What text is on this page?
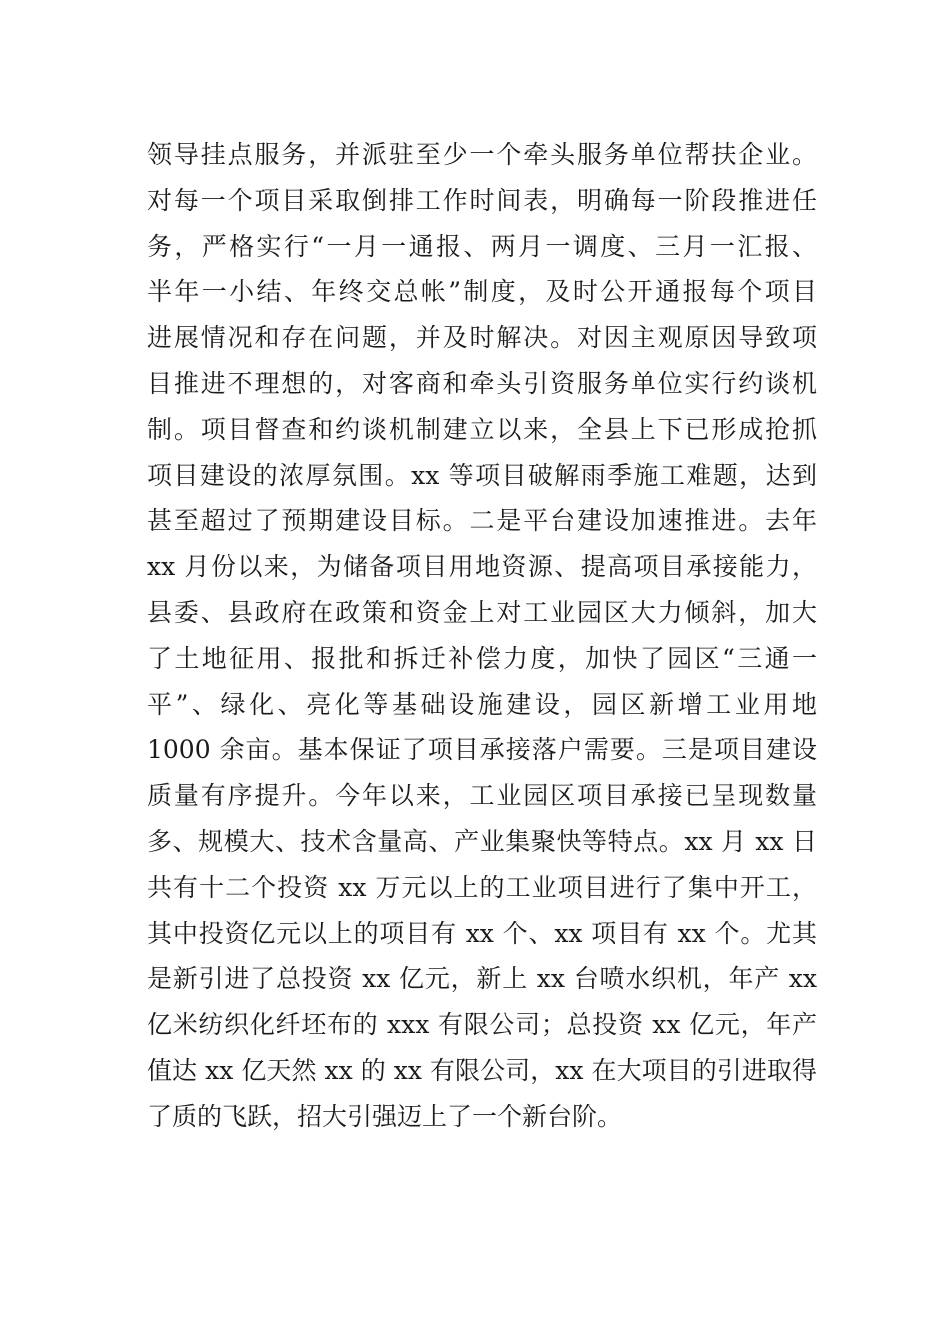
领导挂点服务，并派驻至少一个牵头服务单位帮扶企业。
对每一个项目采取倒排工作时间表，明确每一阶段推进任
务，严格实行“一月一通报、两月一调度、三月一汇报、
半年一小结、年终交总帐”制度，及时公开通报每个项目
进展情况和存在问题，并及时解决。对因主观原因导致项
目推进不理想的，对客商和牵头引资服务单位实行约谈机
制。项目督查和约谈机制建立以来，全县上下已形成抢抓
项目建设的浓厚氛围。xx 等项目破解雨季施工难题，达到
甚至超过了预期建设目标。二是平台建设加速推进。去年
xx 月份以来，为储备项目用地资源、提高项目承接能力，
县委、县政府在政策和资金上对工业园区大力倾斜，加大
了土地征用、报批和拆迁补偿力度，加快了园区“三通一
平”、绿化、亮化等基础设施建设，园区新增工业用地
1000 余亩。基本保证了项目承接落户需要。三是项目建设
质量有序提升。今年以来，工业园区项目承接已呈现数量
多、规模大、技术含量高、产业集聚快等特点。xx 月 xx 日
共有十二个投资 xx 万元以上的工业项目进行了集中开工，
其中投资亿元以上的项目有 xx 个、xx 项目有 xx 个。尤其
是新引进了总投资 xx 亿元，新上 xx 台喷水织机，年产 xx
亿米纺织化纤坯布的 xxx 有限公司；总投资 xx 亿元，年产
值达 xx 亿天然 xx 的 xx 有限公司，xx 在大项目的引进取得
了质的飞跃，招大引强迈上了一个新台阶。
